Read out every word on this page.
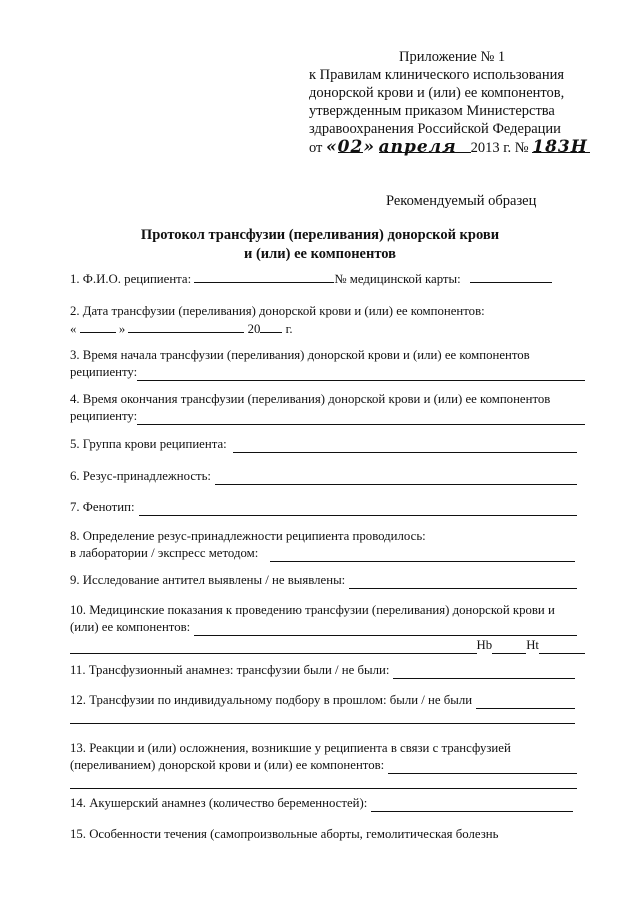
Приложение № 1
к Правилам клинического использования
донорской крови и (или) ее компонентов,
утвержденным приказом Министерства
здравоохранения Российской Федерации
от «02» апреля 2013 г. № 183Н
Рекомендуемый образец
Протокол трансфузии (переливания) донорской крови
и (или) ее компонентов
1. Ф.И.О. реципиента:	№ медицинской карты:
2. Дата трансфузии (переливания) донорской крови и (или) ее компонентов:
«	»	20 г.
3. Время начала трансфузии (переливания) донорской крови и (или) ее компонентов
реципиенту:
4. Время окончания трансфузии (переливания) донорской крови и (или) ее компонентов
реципиенту:
5. Группа крови реципиента:
6. Резус-принадлежность:
7. Фенотип:
8. Определение резус-принадлежности реципиента проводилось:
в лаборатории / экспресс методом:
9. Исследование антител выявлены / не выявлены:
10. Медицинские показания к проведению трансфузии (переливания) донорской крови и
(или) ее компонентов:
Hb	Ht
11. Трансфузионный анамнез: трансфузии были / не были:
12. Трансфузии по индивидуальному подбору в прошлом: были / не были
13. Реакции и (или) осложнения, возникшие у реципиента в связи с трансфузией
(переливанием) донорской крови и (или) ее компонентов:
14. Акушерский анамнез (количество беременностей):
15. Особенности течения (самопроизвольные аборты, гемолитическая болезнь
